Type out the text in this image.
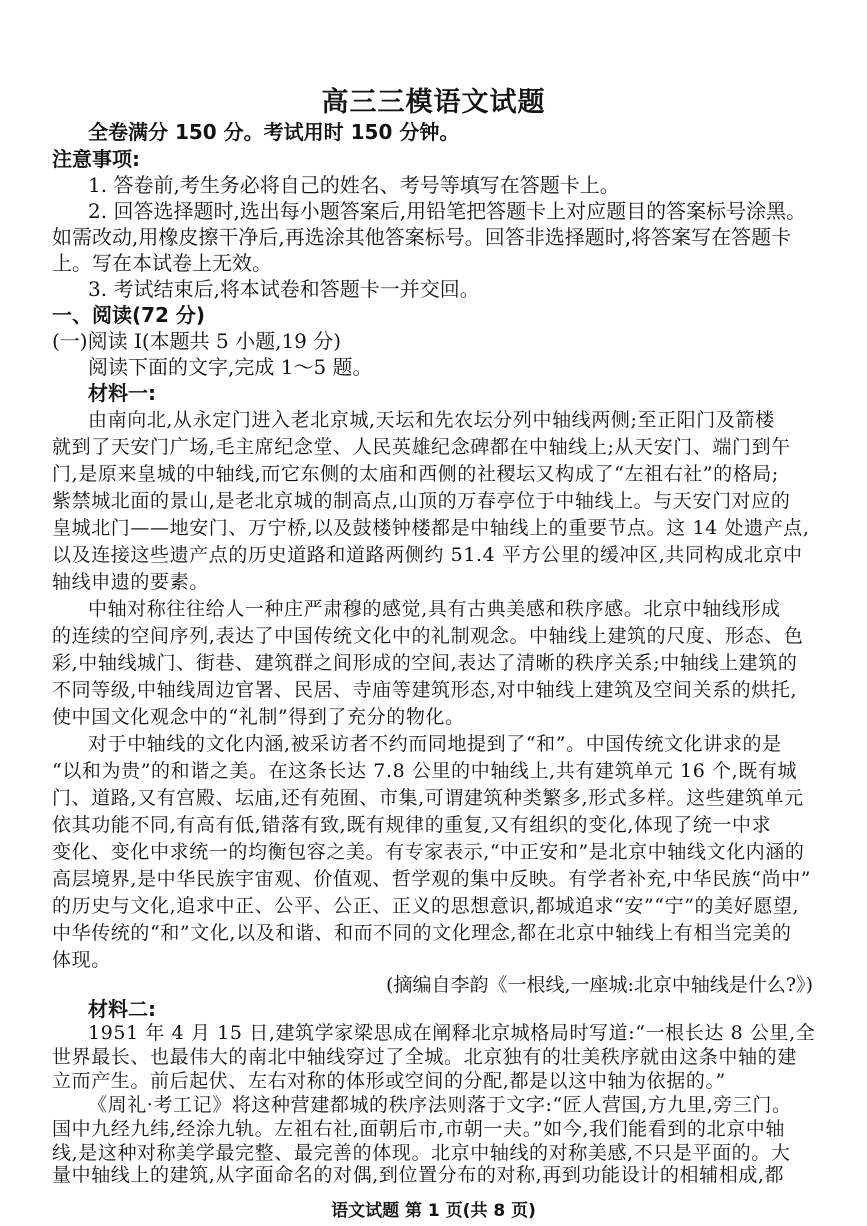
高三三模语文试题
全卷满分 150 分。考试用时 150 分钟。
注意事项:
1. 答卷前,考生务必将自己的姓名、考号等填写在答题卡上。
2. 回答选择题时,选出每小题答案后,用铅笔把答题卡上对应题目的答案标号涂黑。
如需改动,用橡皮擦干净后,再选涂其他答案标号。回答非选择题时,将答案写在答题卡
上。写在本试卷上无效。
3. 考试结束后,将本试卷和答题卡一并交回。
一、阅读(72 分)
(一)阅读 I(本题共 5 小题,19 分)
阅读下面的文字,完成 1～5 题。
材料一:
由南向北,从永定门进入老北京城,天坛和先农坛分列中轴线两侧;至正阳门及箭楼
就到了天安门广场,毛主席纪念堂、人民英雄纪念碑都在中轴线上;从天安门、端门到午
门,是原来皇城的中轴线,而它东侧的太庙和西侧的社稷坛又构成了“左祖右社”的格局;
紫禁城北面的景山,是老北京城的制高点,山顶的万春亭位于中轴线上。与天安门对应的
皇城北门——地安门、万宁桥,以及鼓楼钟楼都是中轴线上的重要节点。这 14 处遗产点,
以及连接这些遗产点的历史道路和道路两侧约 51.4 平方公里的缓冲区,共同构成北京中
轴线申遗的要素。
中轴对称往往给人一种庄严肃穆的感觉,具有古典美感和秩序感。北京中轴线形成
的连续的空间序列,表达了中国传统文化中的礼制观念。中轴线上建筑的尺度、形态、色
彩,中轴线城门、街巷、建筑群之间形成的空间,表达了清晰的秩序关系;中轴线上建筑的
不同等级,中轴线周边官署、民居、寺庙等建筑形态,对中轴线上建筑及空间关系的烘托,
使中国文化观念中的“礼制”得到了充分的物化。
对于中轴线的文化内涵,被采访者不约而同地提到了“和”。中国传统文化讲求的是
“以和为贵”的和谐之美。在这条长达 7.8 公里的中轴线上,共有建筑单元 16 个,既有城
门、道路,又有宫殿、坛庙,还有苑囿、市集,可谓建筑种类繁多,形式多样。这些建筑单元
依其功能不同,有高有低,错落有致,既有规律的重复,又有组织的变化,体现了统一中求
变化、变化中求统一的均衡包容之美。有专家表示,“中正安和”是北京中轴线文化内涵的
高层境界,是中华民族宇宙观、价值观、哲学观的集中反映。有学者补充,中华民族“尚中”
的历史与文化,追求中正、公平、公正、正义的思想意识,都城追求“安”“宁”的美好愿望,
中华传统的“和”文化,以及和谐、和而不同的文化理念,都在北京中轴线上有相当完美的
体现。
(摘编自李韵《一根线,一座城:北京中轴线是什么?》)
材料二:
1951 年 4 月 15 日,建筑学家梁思成在阐释北京城格局时写道:“一根长达 8 公里,全
世界最长、也最伟大的南北中轴线穿过了全城。北京独有的壮美秩序就由这条中轴的建
立而产生。前后起伏、左右对称的体形或空间的分配,都是以这中轴为依据的。”
《周礼·考工记》将这种营建都城的秩序法则落于文字:“匠人营国,方九里,旁三门。
国中九经九纬,经涂九轨。左祖右社,面朝后市,市朝一夫。”如今,我们能看到的北京中轴
线,是这种对称美学最完整、最完善的体现。北京中轴线的对称美感,不只是平面的。大
语文试题 第 1 页(共 8 页)
量中轴线上的建筑,从字面命名的对偶,到位置分布的对称,再到功能设计的相辅相成,都
